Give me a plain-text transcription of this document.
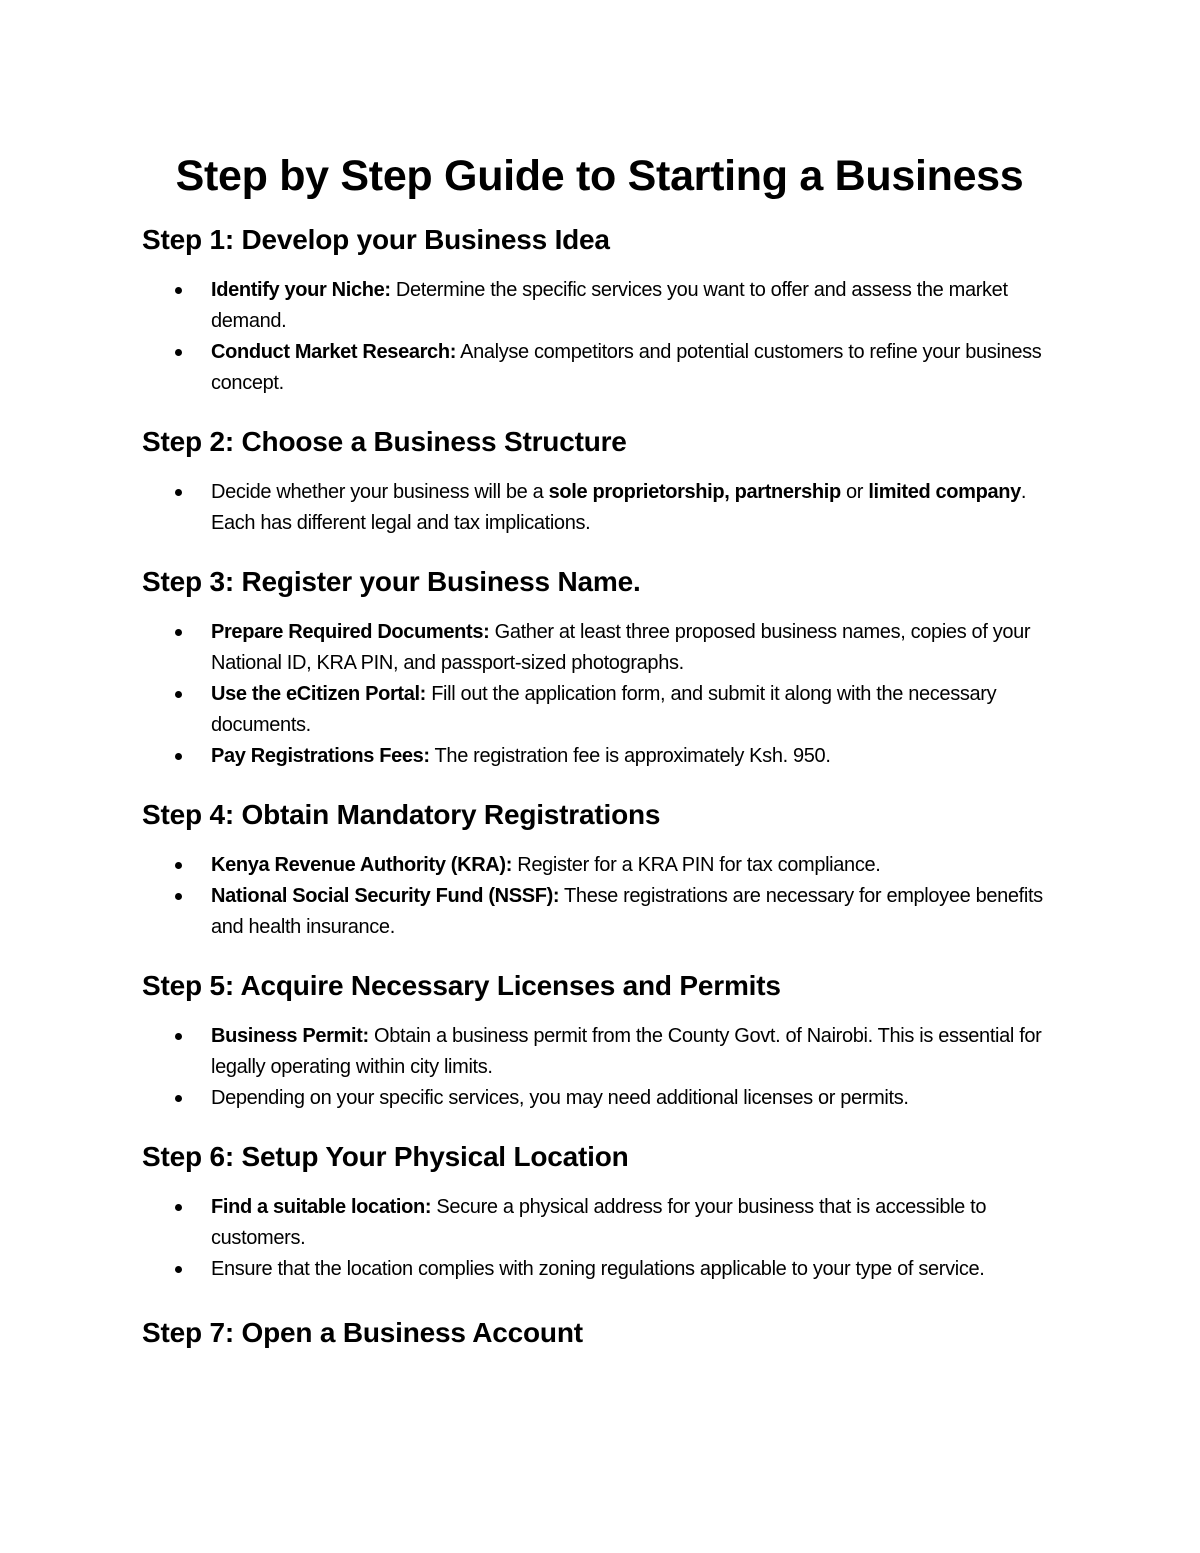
Step by Step Guide to Starting a Business
Step 1: Develop your Business Idea
Identify your Niche: Determine the specific services you want to offer and assess the market demand.
Conduct Market Research: Analyse competitors and potential customers to refine your business concept.
Step 2: Choose a Business Structure
Decide whether your business will be a sole proprietorship, partnership or limited company. Each has different legal and tax implications.
Step 3: Register your Business Name.
Prepare Required Documents: Gather at least three proposed business names, copies of your National ID, KRA PIN, and passport-sized photographs.
Use the eCitizen Portal: Fill out the application form, and submit it along with the necessary documents.
Pay Registrations Fees: The registration fee is approximately Ksh. 950.
Step 4: Obtain Mandatory Registrations
Kenya Revenue Authority (KRA): Register for a KRA PIN for tax compliance.
National Social Security Fund (NSSF): These registrations are necessary for employee benefits and health insurance.
Step 5: Acquire Necessary Licenses and Permits
Business Permit: Obtain a business permit from the County Govt. of Nairobi. This is essential for legally operating within city limits.
Depending on your specific services, you may need additional licenses or permits.
Step 6: Setup Your Physical Location
Find a suitable location: Secure a physical address for your business that is accessible to customers.
Ensure that the location complies with zoning regulations applicable to your type of service.
Step 7: Open a Business Account
